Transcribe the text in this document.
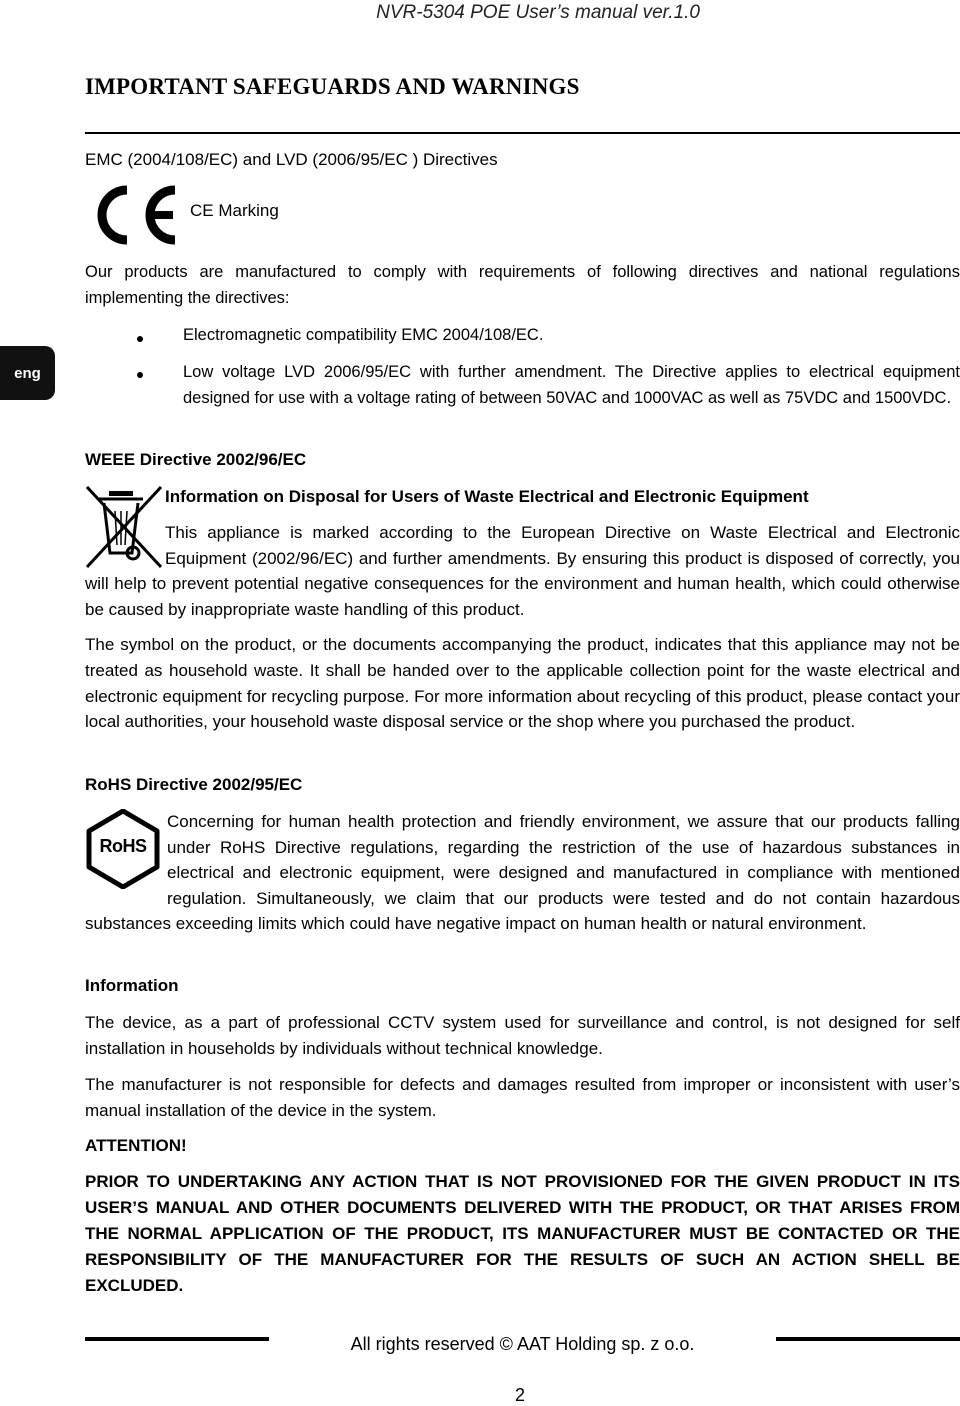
NVR-5304 POE User’s manual ver.1.0
IMPORTANT SAFEGUARDS AND WARNINGS
eng
EMC (2004/108/EC) and LVD (2006/95/EC ) Directives
CE Marking

Our products are manufactured to comply with requirements of following directives and national regulations implementing the directives:

Electromagnetic compatibility EMC 2004/108/EC.

Low voltage LVD 2006/95/EC with further amendment. The Directive applies to electrical equipment designed for use with a voltage rating of between 50VAC and 1000VAC as well as 75VDC and 1500VDC.

WEEE Directive 2002/96/EC
Information on Disposal for Users of Waste Electrical and Electronic Equipment

This appliance is marked according to the European Directive on Waste Electrical and Electronic Equipment (2002/96/EC) and further amendments. By ensuring this product is disposed of correctly, you will help to prevent potential negative consequences for the environment and human health, which could otherwise be caused by inappropriate waste handling of this product.

The symbol on the product, or the documents accompanying the product, indicates that this appliance may not be treated as household waste. It shall be handed over to the applicable collection point for the waste electrical and electronic equipment for recycling purpose. For more information about recycling of this product, please contact your local authorities, your household waste disposal service or the shop where you purchased the product.

RoHS Directive 2002/95/EC
RoHS

Concerning for human health protection and friendly environment, we assure that our products falling under RoHS Directive regulations, regarding the restriction of the use of hazardous substances in electrical and electronic equipment, were designed and manufactured in compliance with mentioned regulation. Simultaneously, we claim that our products were tested and do not contain hazardous substances exceeding limits which could have negative impact on human health or natural environment.

Information

The device, as a part of professional CCTV system used for surveillance and control, is not designed for self installation in households by individuals without technical knowledge.

The manufacturer is not responsible for defects and damages resulted from improper or inconsistent with user’s manual installation of the device in the system.

ATTENTION!

PRIOR TO UNDERTAKING ANY ACTION THAT IS NOT PROVISIONED FOR THE GIVEN PRODUCT IN ITS USER’S MANUAL AND OTHER DOCUMENTS DELIVERED WITH THE PRODUCT, OR THAT ARISES FROM THE NORMAL APPLICATION OF THE PRODUCT, ITS MANUFACTURER MUST BE CONTACTED OR THE RESPONSIBILITY OF THE MANUFACTURER FOR THE RESULTS OF SUCH AN ACTION SHELL BE EXCLUDED.

All rights reserved © AAT Holding sp. z o.o.
2
